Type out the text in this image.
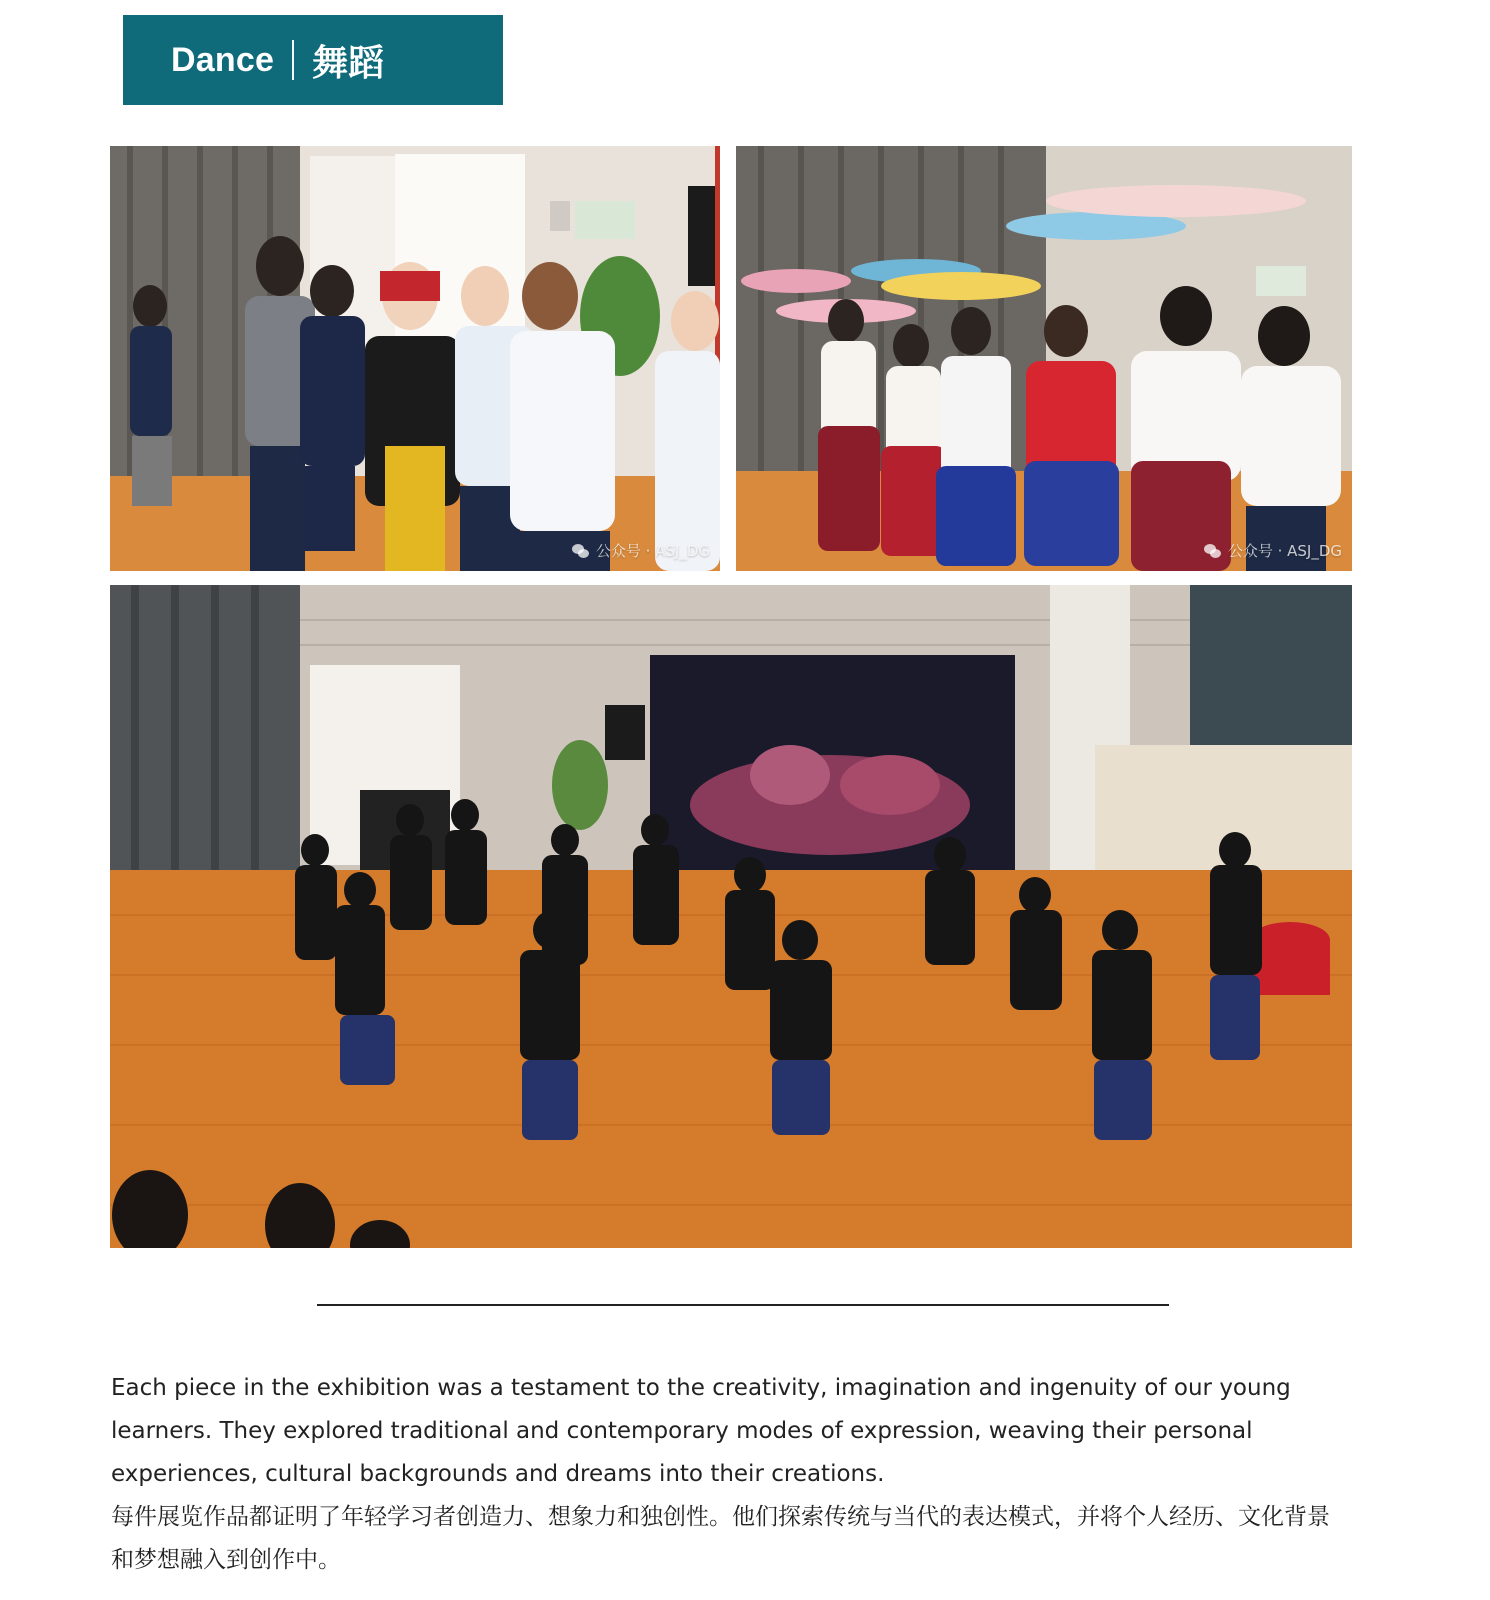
Dance 舞蹈
公众号 · ASJ_DG	公众号 · ASJ_DG

Each piece in the exhibition was a testament to the creativity, imagination and ingenuity of our young learners. They explored traditional and contemporary modes of expression, weaving their personal experiences, cultural backgrounds and dreams into their creations.

每件展览作品都证明了年轻学习者创造力、想象力和独创性。他们探索传统与当代的表达模式，并将个人经历、文化背景和梦想融入到创作中。
